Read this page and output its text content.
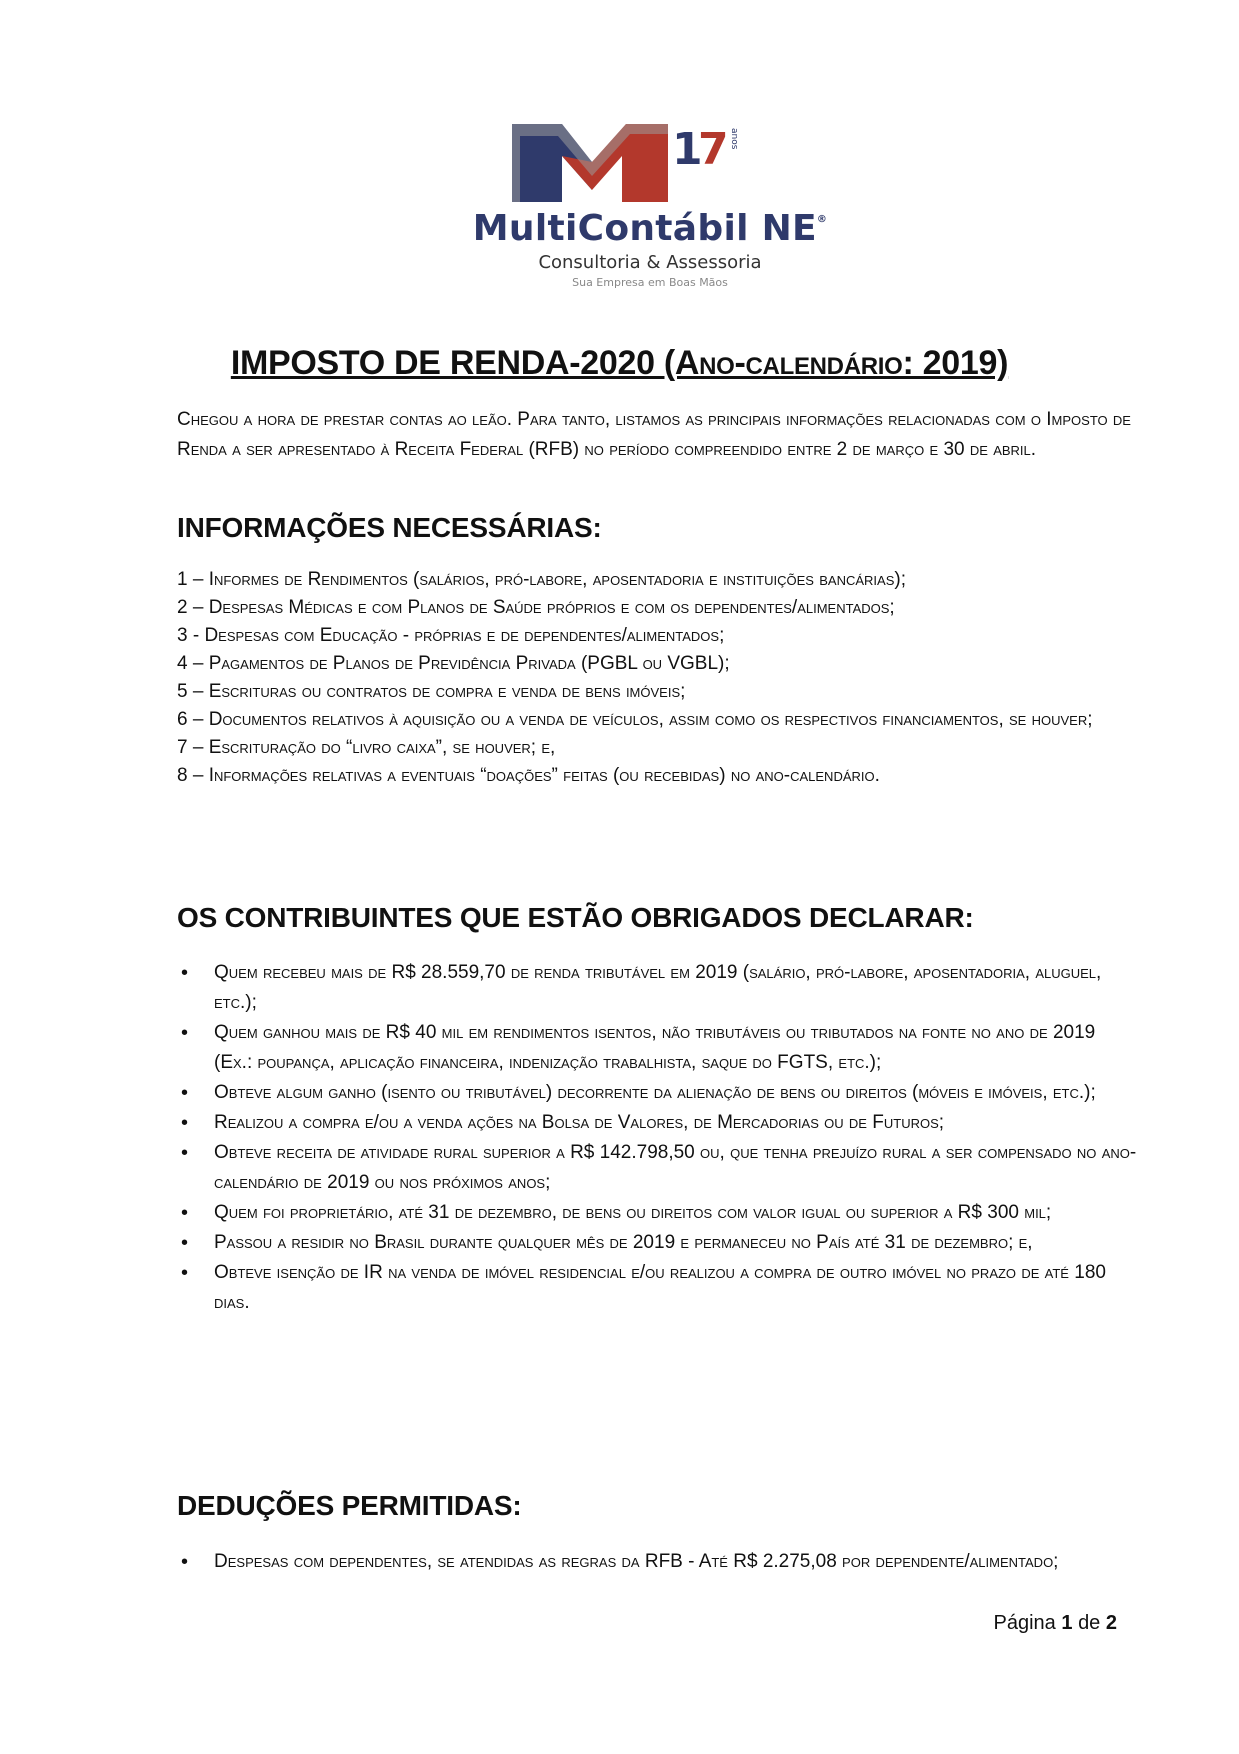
1
7 anos
MultiContábil NE®
Consultoria & Assessoria
Sua Empresa em Boas Mãos
IMPOSTO DE RENDA-2020 (Ano-calendário: 2019)

Chegou a hora de prestar contas ao leão. Para tanto, listamos as principais informações relacionadas com o Imposto de Renda a ser apresentado à Receita Federal (RFB) no período compreendido entre 2 de março e 30 de abril.

INFORMAÇÕES NECESSÁRIAS:
1 – Informes de Rendimentos (salários, pró-labore, aposentadoria e instituições bancárias);
2 – Despesas Médicas e com Planos de Saúde próprios e com os dependentes/alimentados;
3 - Despesas com Educação - próprias e de dependentes/alimentados;
4 – Pagamentos de Planos de Previdência Privada (PGBL ou VGBL);
5 – Escrituras ou contratos de compra e venda de bens imóveis;
6 – Documentos relativos à aquisição ou a venda de veículos, assim como os respectivos financiamentos, se houver;
7 – Escrituração do “livro caixa”, se houver; e,
8 – Informações relativas a eventuais “doações” feitas (ou recebidas) no ano-calendário.
OS CONTRIBUINTES QUE ESTÃO OBRIGADOS DECLARAR:
• Quem recebeu mais de R$ 28.559,70 de renda tributável em 2019 (salário, pró-labore, aposentadoria, aluguel, etc.);
• Quem ganhou mais de R$ 40 mil em rendimentos isentos, não tributáveis ou tributados na fonte no ano de 2019 (Ex.: poupança, aplicação financeira, indenização trabalhista, saque do FGTS, etc.);
• Obteve algum ganho (isento ou tributável) decorrente da alienação de bens ou direitos (móveis e imóveis, etc.);
• Realizou a compra e/ou a venda ações na Bolsa de Valores, de Mercadorias ou de Futuros;
• Obteve receita de atividade rural superior a R$ 142.798,50 ou, que tenha prejuízo rural a ser compensado no ano-calendário de 2019 ou nos próximos anos;
• Quem foi proprietário, até 31 de dezembro, de bens ou direitos com valor igual ou superior a R$ 300 mil;
• Passou a residir no Brasil durante qualquer mês de 2019 e permaneceu no País até 31 de dezembro; e,
• Obteve isenção de IR na venda de imóvel residencial e/ou realizou a compra de outro imóvel no prazo de até 180 dias.
DEDUÇÕES PERMITIDAS:
• Despesas com dependentes, se atendidas as regras da RFB - Até R$ 2.275,08 por dependente/alimentado;
Página 1 de 2
